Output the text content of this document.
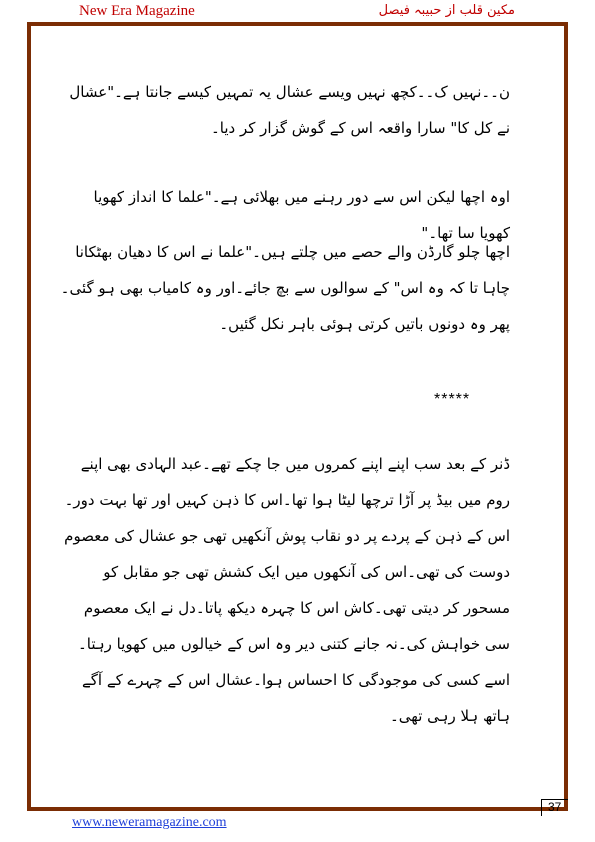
New Era Magazine	مکین قلب از حبیبہ فیصل
ن۔۔نہیں ک۔۔کچھ نہیں ویسے عشال یہ تمہیں کیسے جانتا ہے۔"عشال نے کل کا" سارا واقعہ اس کے گوش گزار کر دیا۔
اوہ اچھا لیکن اس سے دور رہنے میں بھلائی ہے۔"علما کا انداز کھویا کھویا سا تھا۔"
اچھا چلو گارڈن والے حصے میں چلتے ہیں۔"علما نے اس کا دھیان بھٹکانا چاہا تا کہ وہ اس" کے سوالوں سے بچ جائے۔اور وہ کامیاب بھی ہو گئی۔پھر وہ دونوں باتیں کرتی ہوئی باہر نکل گئیں۔
*****
ڈنر کے بعد سب اپنے اپنے کمروں میں جا چکے تھے۔عبد الہادی بھی اپنے روم میں بیڈ پر آڑا ترچھا لیٹا ہوا تھا۔اس کا ذہن کہیں اور تھا بہت دور۔اس کے ذہن کے پردے پر دو نقاب پوش آنکھیں تھی جو عشال کی معصوم دوست کی تھی۔اس کی آنکھوں میں ایک کشش تھی جو مقابل کو مسحور کر دیتی تھی۔کاش اس کا چہرہ دیکھ پاتا۔دل نے ایک معصوم سی خواہش کی۔نہ جانے کتنی دیر وہ اس کے خیالوں میں کھویا رہتا۔اسے کسی کی موجودگی کا احساس ہوا۔عشال اس کے چہرے کے آگے ہاتھ ہلا رہی تھی۔
37
www.neweramagazine.com
